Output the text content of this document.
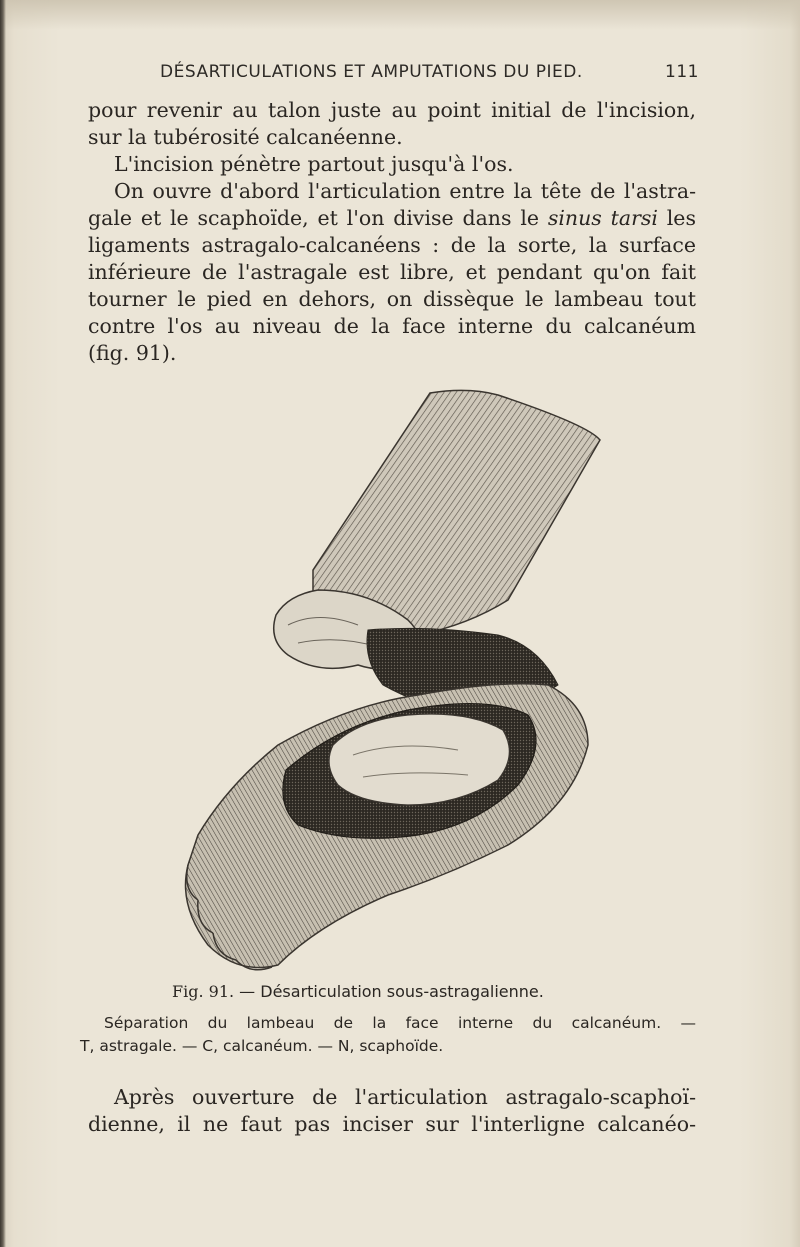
DÉSARTICULATIONS ET AMPUTATIONS DU PIED.	111
pour revenir au talon juste au point initial de l'incision,
sur la tubérosité calcanéenne.
L'incision pénètre partout jusqu'à l'os.
On ouvre d'abord l'articulation entre la tête de l'astra-
gale et le scaphoïde, et l'on divise dans le sinus tarsi les
ligaments astragalo-calcanéens : de la sorte, la surface
inférieure de l'astragale est libre, et pendant qu'on fait
tourner le pied en dehors, on dissèque le lambeau tout
contre l'os au niveau de la face interne du calcanéum
(fig. 91).
Fig. 91. — Désarticulation sous-astragalienne.
Séparation du lambeau de la face interne du calcanéum. —
T, astragale. — C, calcanéum. — N, scaphoïde.
Après ouverture de l'articulation astragalo-scaphoï-
dienne, il ne faut pas inciser sur l'interligne calcanéo-
